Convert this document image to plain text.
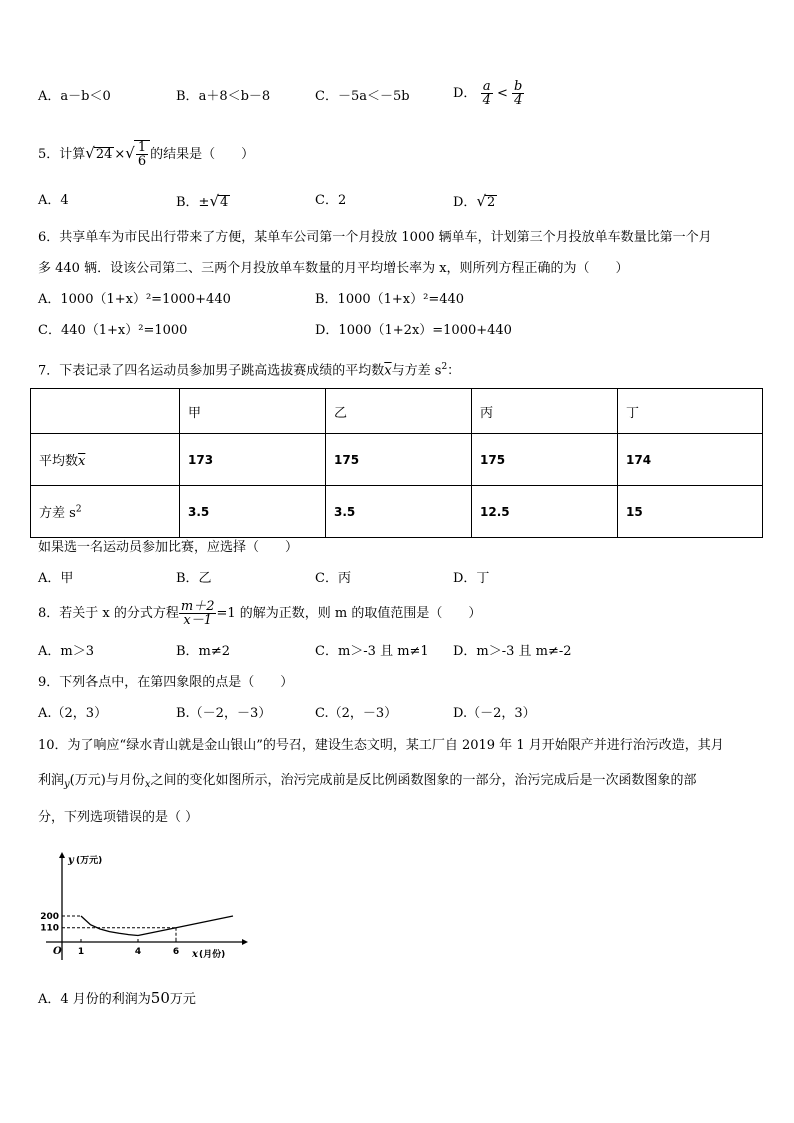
A．a－b＜0	B．a＋8＜b－8	C．－5a＜－5b	D． $\frac{a}{4} < \frac{b}{4}$
5．计算√24 ×√ $\frac{1}{6}$ 的结果是（　　）
A．4	B．±√4	C．2	D．√2
6．共享单车为市民出行带来了方便，某单车公司第一个月投放 1000 辆单车，计划第三个月投放单车数量比第一个月
多 440 辆．设该公司第二、三两个月投放单车数量的月平均增长率为 x，则所列方程正确的为（　　）
A．1000（1+x）²=1000+440	B．1000（1+x）²=440
C．440（1+x）²=1000	D．1000（1+2x）=1000+440
7．下表记录了四名运动员参加男子跳高选拔赛成绩的平均数$\overline{x}$与方差 $s^2$：
	甲	乙	丙	丁
平均数$\overline{x}$	173	175	175	174
方差 $s^2$	3.5	3.5	12.5	15
如果选一名运动员参加比赛，应选择（　　）
A．甲	B．乙	C．丙	D．丁
8．若关于 x 的分式方程 $\frac{m+2}{x-1} =1$ 的解为正数，则 m 的取值范围是（　　）
A．m＞3	B．m≠2	C．m＞-3 且 m≠1 D．m＞-3 且 m≠-2
9．下列各点中，在第四象限的点是（　　）
A.（2，3）	B.（－2，－3）	C.（2，－3）	D.（－2，3）
10．为了响应“绿水青山就是金山银山”的号召，建设生态文明，某工厂自 2019 年 1 月开始限产并进行治污改造，其月
利润$_y$(万元)与月份$_x$之间的变化如图所示，治污完成前是反比例函数图象的一部分，治污完成后是一次函数图象的部
分，下列选项错误的是（ ）
y (万元)
x (月份)
O
200
110
1	4	6
A．4 月份的利润为50万元
